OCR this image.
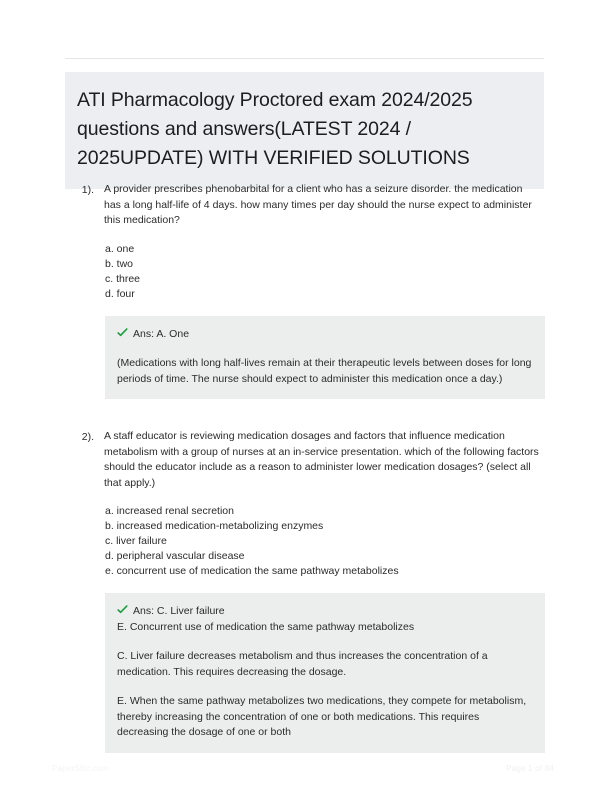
ATI Pharmacology Proctored exam 2024/2025 questions and answers(LATEST 2024 / 2025UPDATE) WITH VERIFIED SOLUTIONS
1). A provider prescribes phenobarbital for a client who has a seizure disorder. the medication has a long half-life of 4 days. how many times per day should the nurse expect to administer this medication?
a. one
b. two
c. three
d. four
Ans: A. One
(Medications with long half-lives remain at their therapeutic levels between doses for long periods of time. The nurse should expect to administer this medication once a day.)
2). A staff educator is reviewing medication dosages and factors that influence medication metabolism with a group of nurses at an in-service presentation. which of the following factors should the educator include as a reason to administer lower medication dosages? (select all that apply.)
a. increased renal secretion
b. increased medication-metabolizing enzymes
c. liver failure
d. peripheral vascular disease
e. concurrent use of medication the same pathway metabolizes
Ans: C. Liver failure
E. Concurrent use of medication the same pathway metabolizes
C. Liver failure decreases metabolism and thus increases the concentration of a medication. This requires decreasing the dosage.
E. When the same pathway metabolizes two medications, they compete for metabolism, thereby increasing the concentration of one or both medications. This requires decreasing the dosage of one or both
PaperStlic.com	Page 1 of 84
